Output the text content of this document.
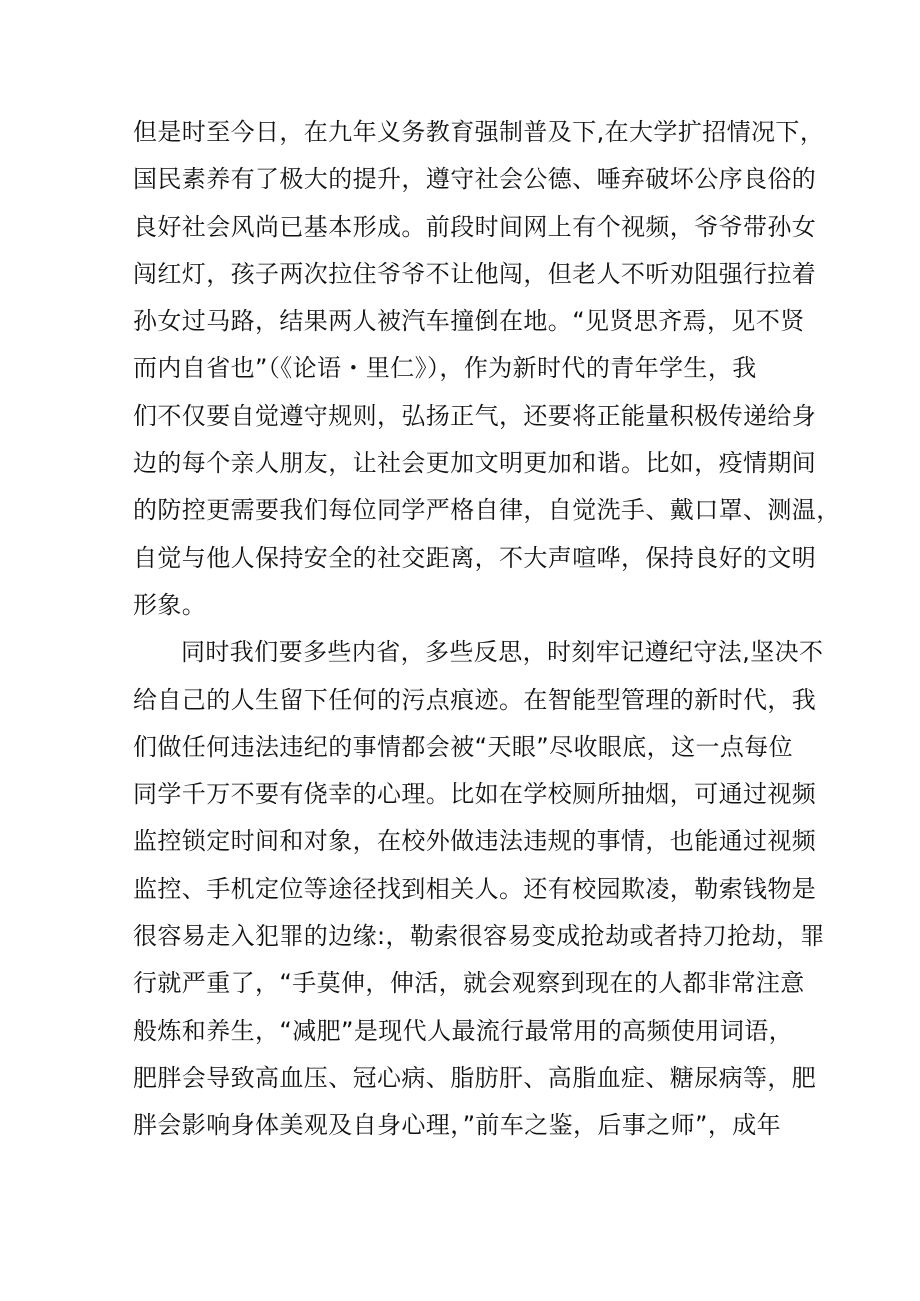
但是时至今日，在九年义务教育强制普及下,在大学扩招情况下，
国民素养有了极大的提升，遵守社会公德、唾弃破坏公序良俗的
良好社会风尚已基本形成。前段时间网上有个视频，爷爷带孙女
闯红灯，孩子两次拉住爷爷不让他闯，但老人不听劝阻强行拉着
孙女过马路，结果两人被汽车撞倒在地。“见贤思齐焉，见不贤
而内自省也”（《论语・里仁》），作为新时代的青年学生，我
们不仅要自觉遵守规则，弘扬正气，还要将正能量积极传递给身
边的每个亲人朋友，让社会更加文明更加和谐。比如，疫情期间
的防控更需要我们每位同学严格自律，自觉洗手、戴口罩、测温，
自觉与他人保持安全的社交距离，不大声喧哗，保持良好的文明
形象。
同时我们要多些内省，多些反思，时刻牢记遵纪守法,坚决不
给自己的人生留下任何的污点痕迹。在智能型管理的新时代，我
们做任何违法违纪的事情都会被“天眼”尽收眼底，这一点每位
同学千万不要有侥幸的心理。比如在学校厕所抽烟，可通过视频
监控锁定时间和对象，在校外做违法违规的事情，也能通过视频
监控、手机定位等途径找到相关人。还有校园欺凌，勒索钱物是
很容易走入犯罪的边缘:，勒索很容易变成抢劫或者持刀抢劫，罪
行就严重了，“手莫伸，伸活，就会观察到现在的人都非常注意
般炼和养生，“减肥”是现代人最流行最常用的高频使用词语，
肥胖会导致高血压、冠心病、脂肪肝、高脂血症、糖尿病等，肥
胖会影响身体美观及自身心理，”前车之鉴，后事之师”，成年
